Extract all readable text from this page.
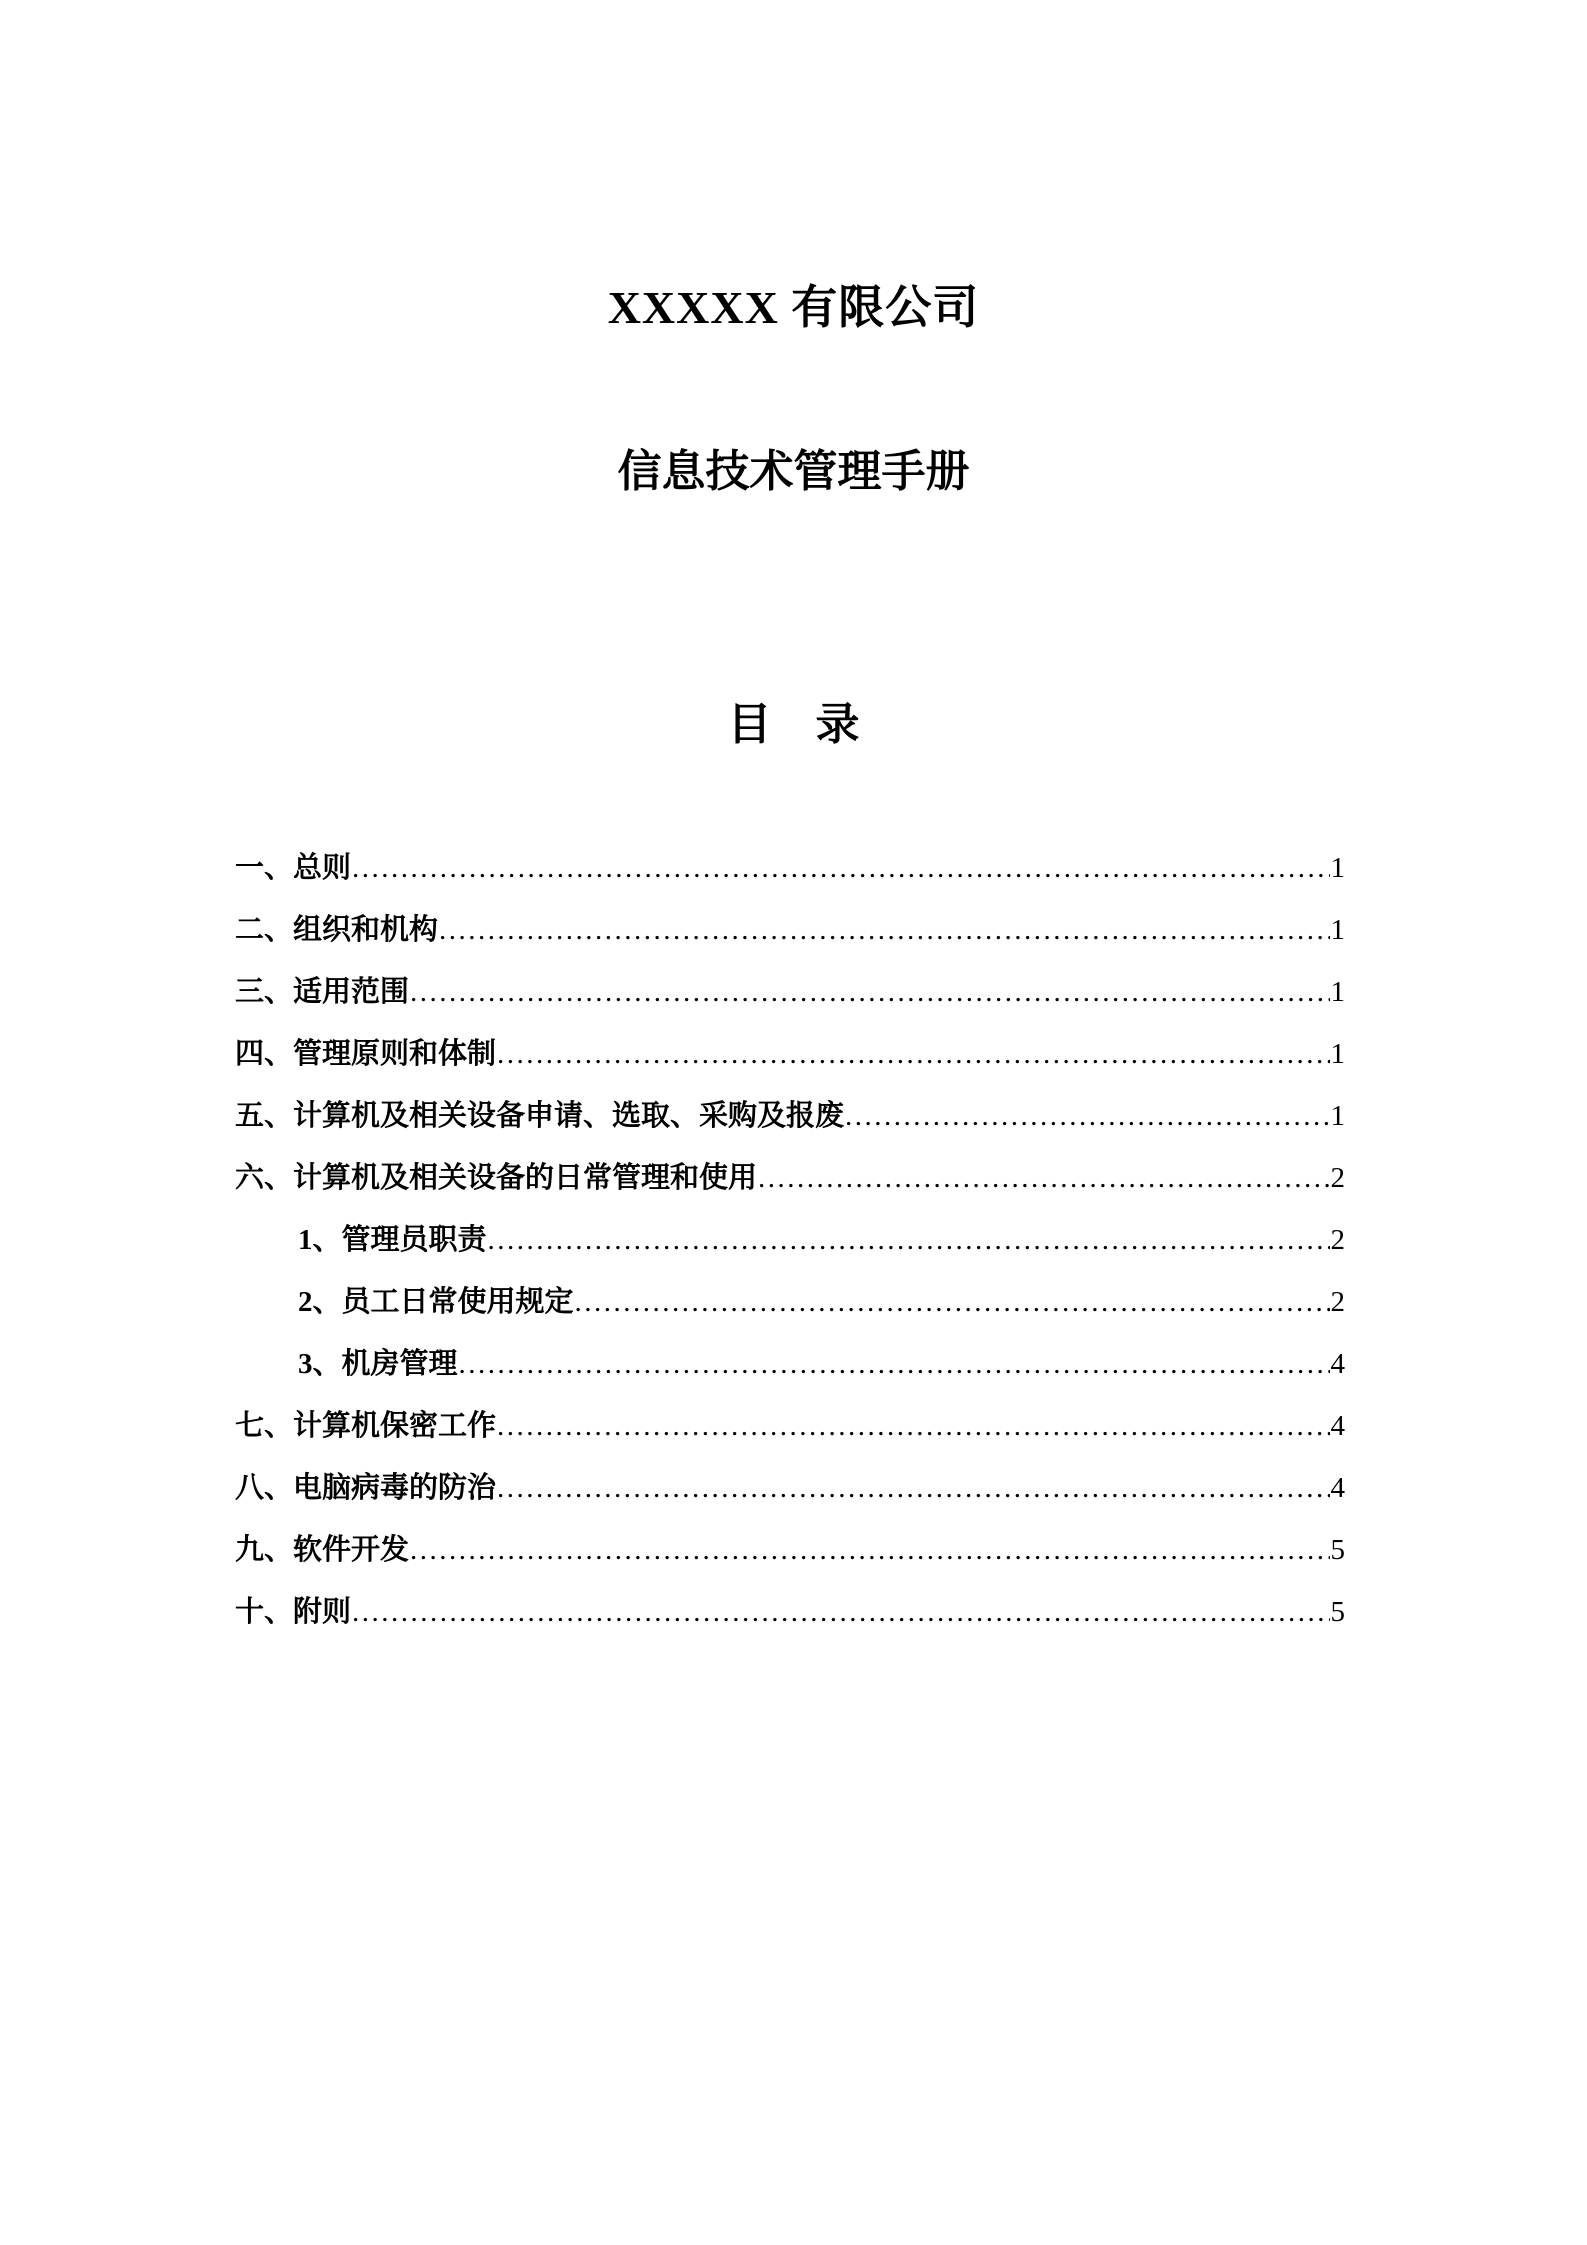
XXXXX 有限公司
信息技术管理手册
目　录
一、总则 .....	1
二、组织和机构 .....	1
三、适用范围 .....	1
四、管理原则和体制 .....	1
五、计算机及相关设备申请、选取、采购及报废 .....	1
六、计算机及相关设备的日常管理和使用 .....	2
1、管理员职责 .....	2
2、员工日常使用规定 .....	2
3、机房管理 .....	4
七、计算机保密工作 .....	4
八、电脑病毒的防治 .....	4
九、软件开发 .....	5
十、附则 .....	5
